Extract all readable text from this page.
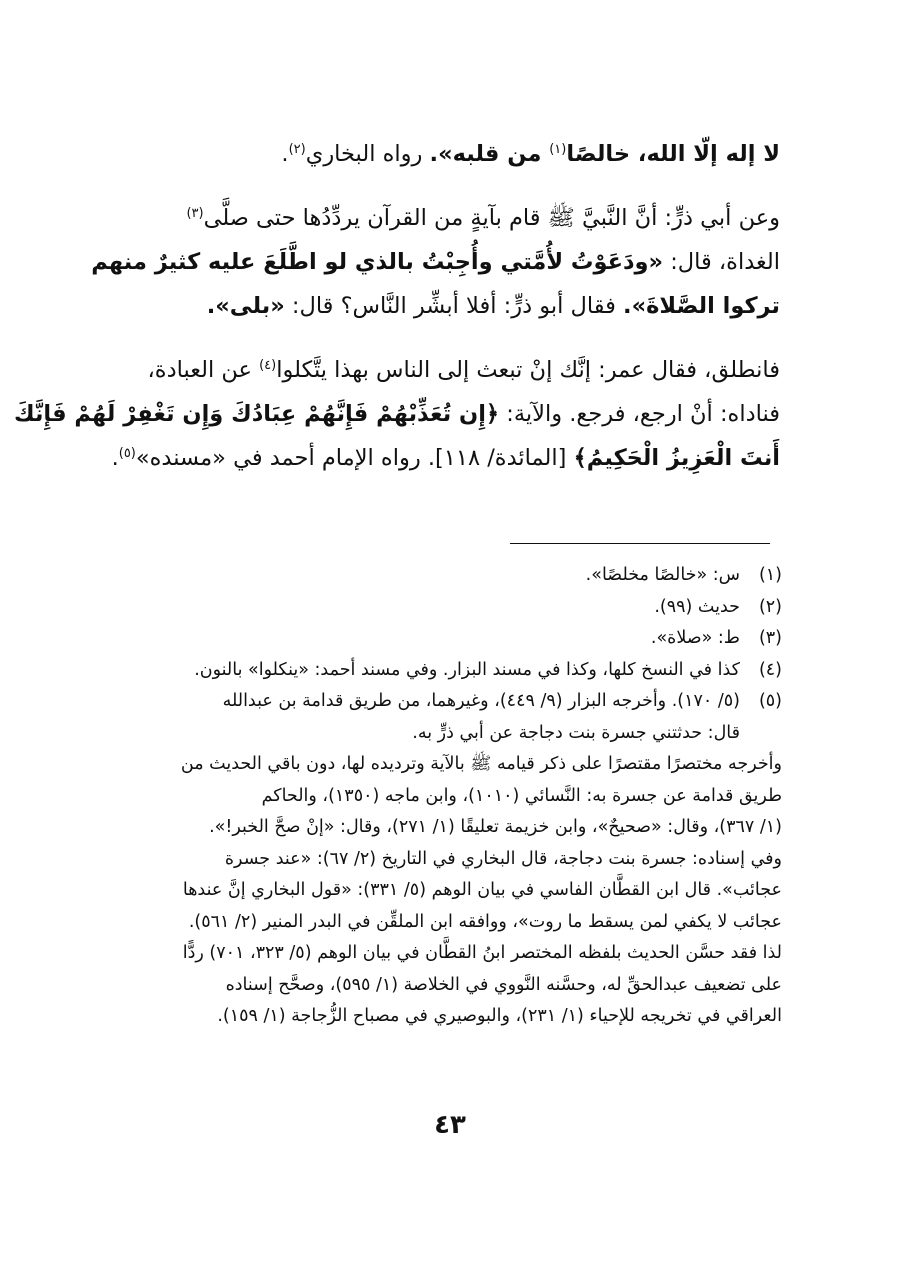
لا إله إلّا الله، خالصًا$^{(١)}$ من قلبه». رواه البخاري$^{(٢)}$.
وعن أبي ذرٍّ: أنَّ النَّبيَّ ﷺ قام بآيةٍ من القرآن يردِّدُها حتى صلَّى$^{(٣)}$
الغداة، قال: «ودَعَوْتُ لأُمَّتي وأُجِبْتُ بالذي لو اطَّلَعَ عليه كثيرٌ منهم
تركوا الصَّلاةَ». فقال أبو ذرٍّ: أفلا أبشِّر النَّاس؟ قال: «بلى».
فانطلق، فقال عمر: إنَّك إنْ تبعث إلى الناس بهذا يتَّكلوا$^{(٤)}$ عن العبادة،
فناداه: أنْ ارجع، فرجع. والآية: ﴿إِن تُعَذِّبْهُمْ فَإِنَّهُمْ عِبَادُكَ وَإِن تَغْفِرْ لَهُمْ فَإِنَّكَ
أَنتَ الْعَزِيزُ الْحَكِيمُ﴾ [المائدة/ ١١٨]. رواه الإمام أحمد في «مسنده»$^{(٥)}$.
(١)س: «خالصًا مخلصًا».
(٢)حديث (٩٩).
(٣)ط: «صلاة».
(٤)كذا في النسخ كلها، وكذا في مسند البزار. وفي مسند أحمد: «ينكلوا» بالنون.
(٥)(٥/ ١٧٠). وأخرجه البزار (٩/ ٤٤٩)، وغيرهما، من طريق قدامة بن عبدالله
قال: حدثتني جسرة بنت دجاجة عن أبي ذرٍّ به.
وأخرجه مختصرًا مقتصرًا على ذكر قيامه ﷺ بالآية وترديده لها، دون باقي الحديث من
طريق قدامة عن جسرة به: النَّسائي (١٠١٠)، وابن ماجه (١٣٥٠)، والحاكم
(١/ ٣٦٧)، وقال: «صحيحٌ»، وابن خزيمة تعليقًا (١/ ٢٧١)، وقال: «إنْ صحَّ الخبر!».
وفي إسناده: جسرة بنت دجاجة، قال البخاري في التاريخ (٢/ ٦٧): «عند جسرة
عجائب». قال ابن القطَّان الفاسي في بيان الوهم (٥/ ٣٣١): «قول البخاري إنَّ عندها
عجائب لا يكفي لمن يسقط ما روت»، ووافقه ابن الملقِّن في البدر المنير (٢/ ٥٦١).
لذا فقد حسَّن الحديث بلفظه المختصر ابنُ القطَّان في بيان الوهم (٥/ ٣٢٣، ٧٠١) ردًّا
على تضعيف عبدالحقِّ له، وحسَّنه النَّووي في الخلاصة (١/ ٥٩٥)، وصحَّح إسناده
العراقي في تخريجه للإحياء (١/ ٢٣١)، والبوصيري في مصباح الزُّجاجة (١/ ١٥٩).
٤٣
